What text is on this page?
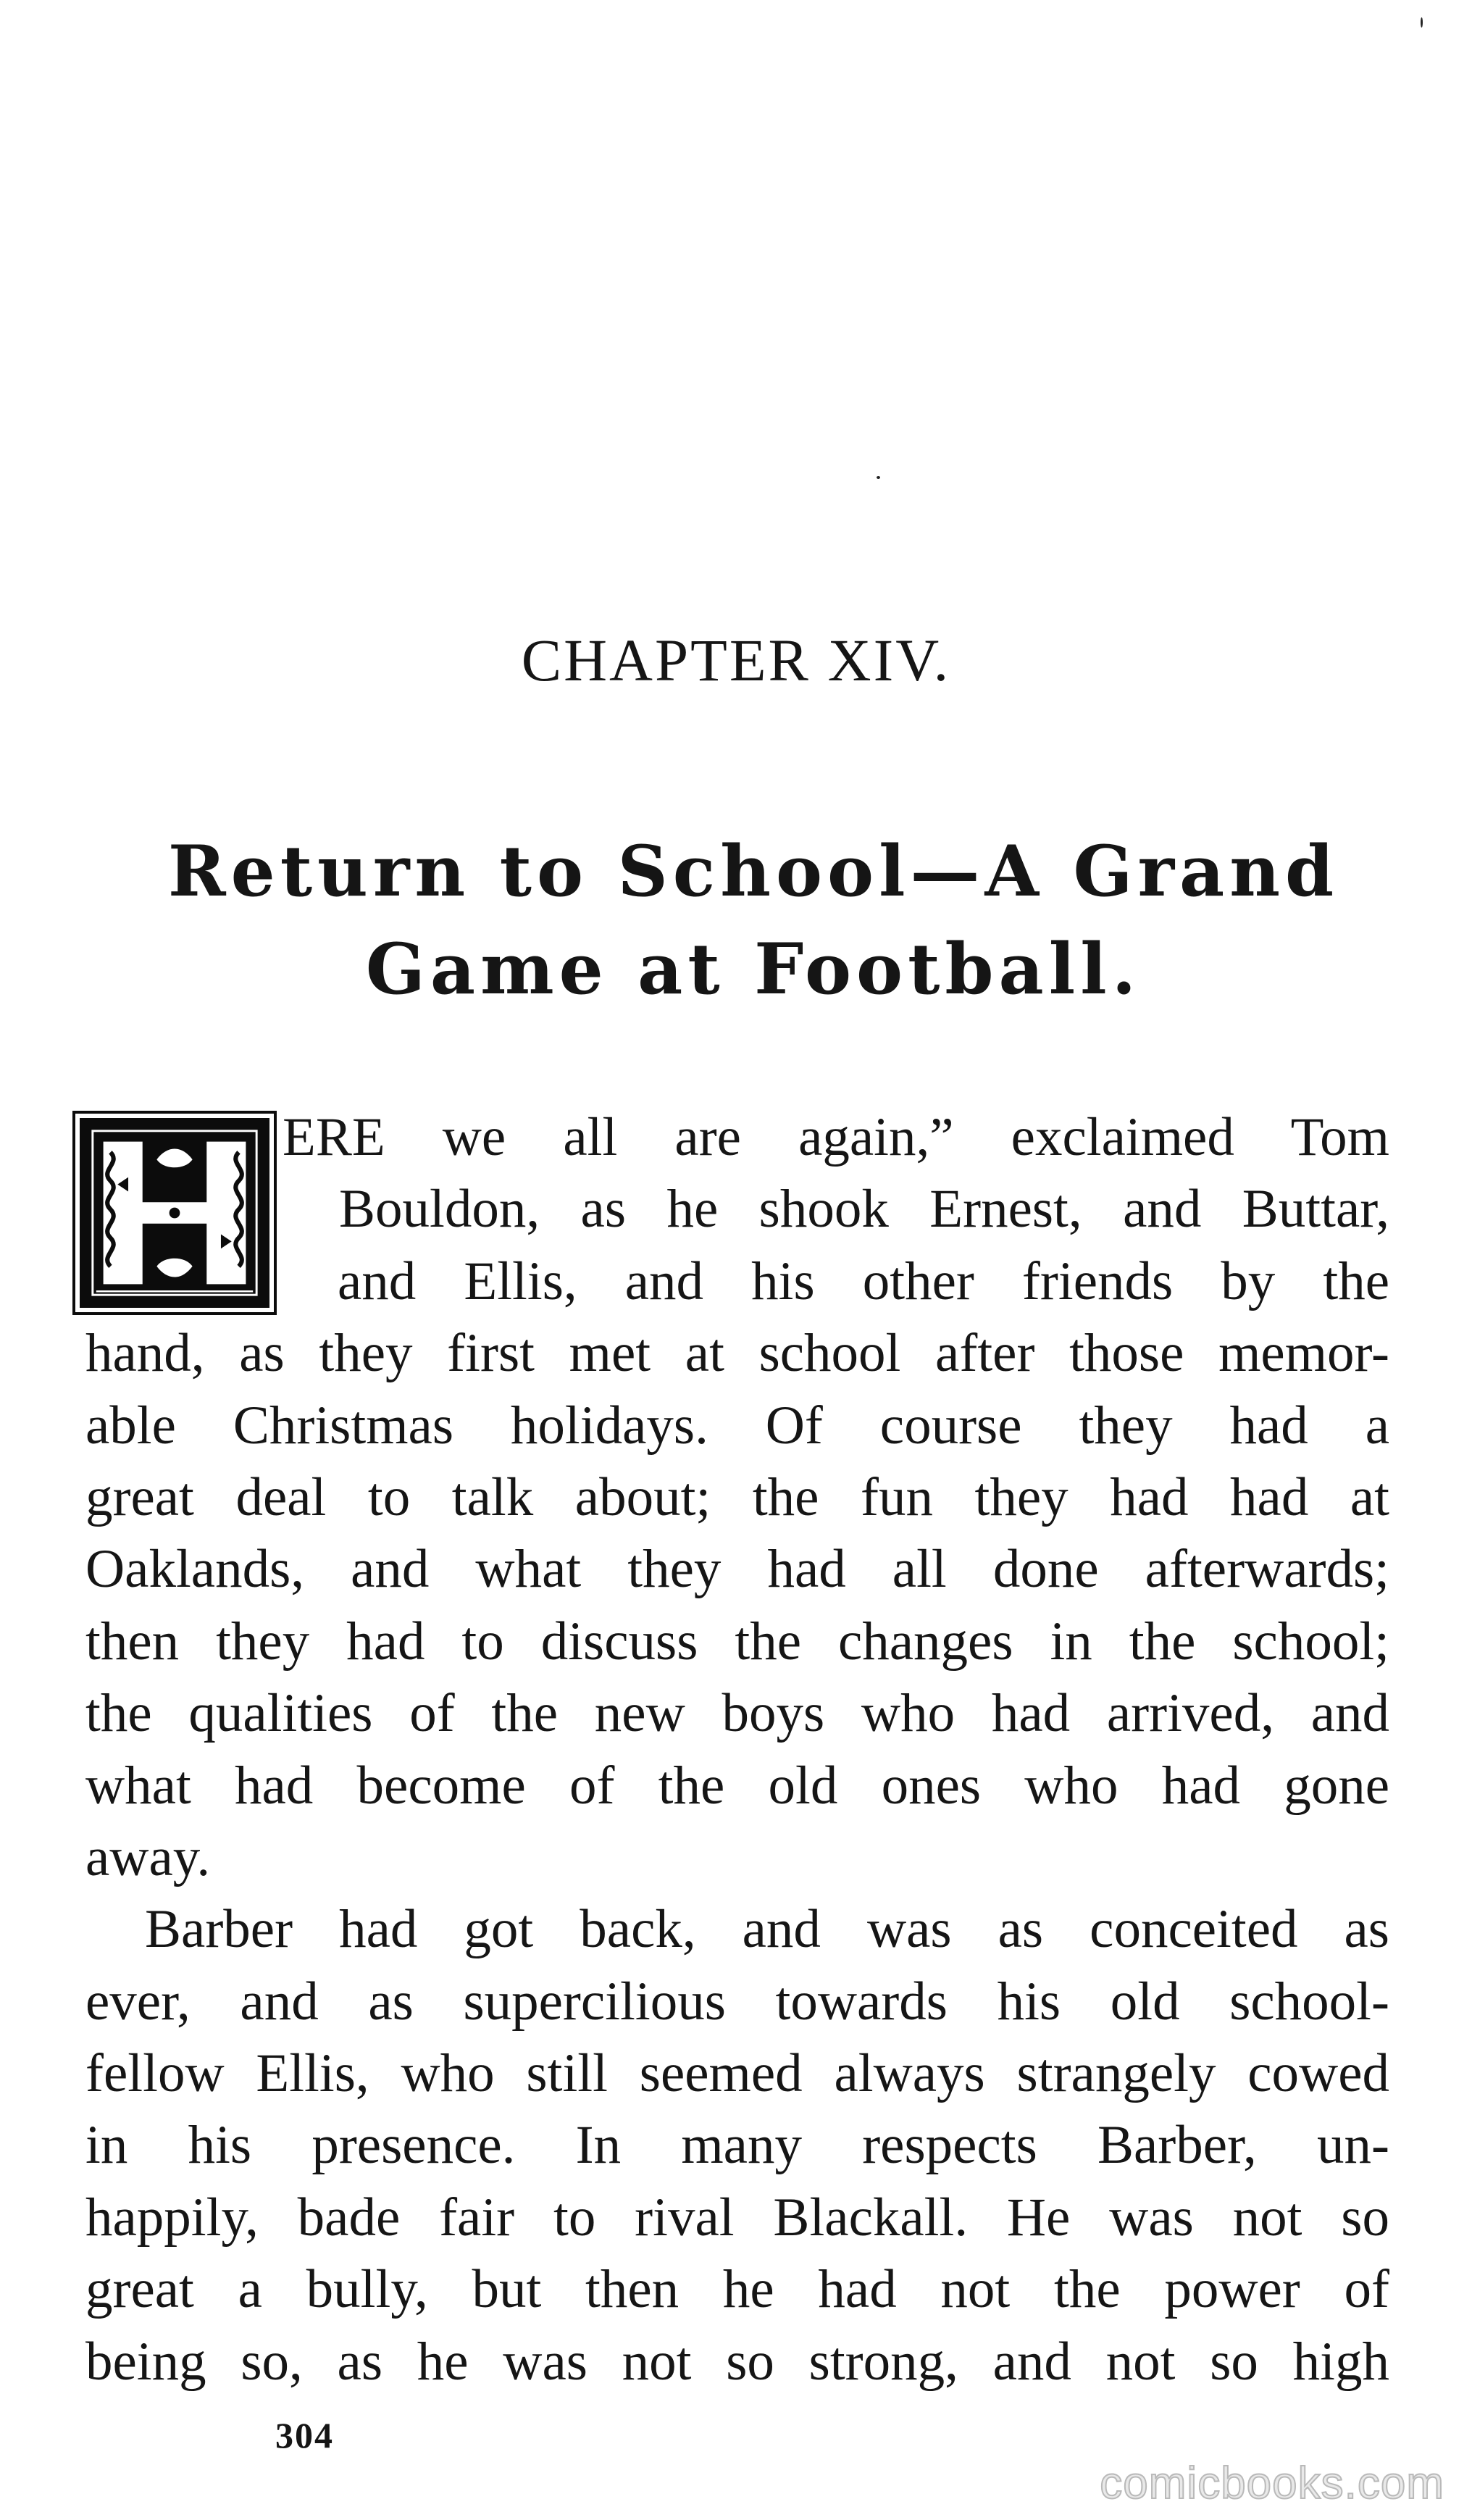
CHAPTER XIV.
Return to School—A Grand Game at Football.
ERE we all are again,” exclaimed Tom
Bouldon, as he shook Ernest, and Buttar,
and Ellis, and his other friends by the
hand, as they first met at school after those memor-
able Christmas holidays. Of course they had a
great deal to talk about; the fun they had had at
Oaklands, and what they had all done afterwards;
then they had to discuss the changes in the school;
the qualities of the new boys who had arrived, and
what had become of the old ones who had gone
away.
Barber had got back, and was as conceited as
ever, and as supercilious towards his old school-
fellow Ellis, who still seemed always strangely cowed
in his presence. In many respects Barber, un-
happily, bade fair to rival Blackall. He was not so
great a bully, but then he had not the power of
being so, as he was not so strong, and not so high
304
comicbooks.com
